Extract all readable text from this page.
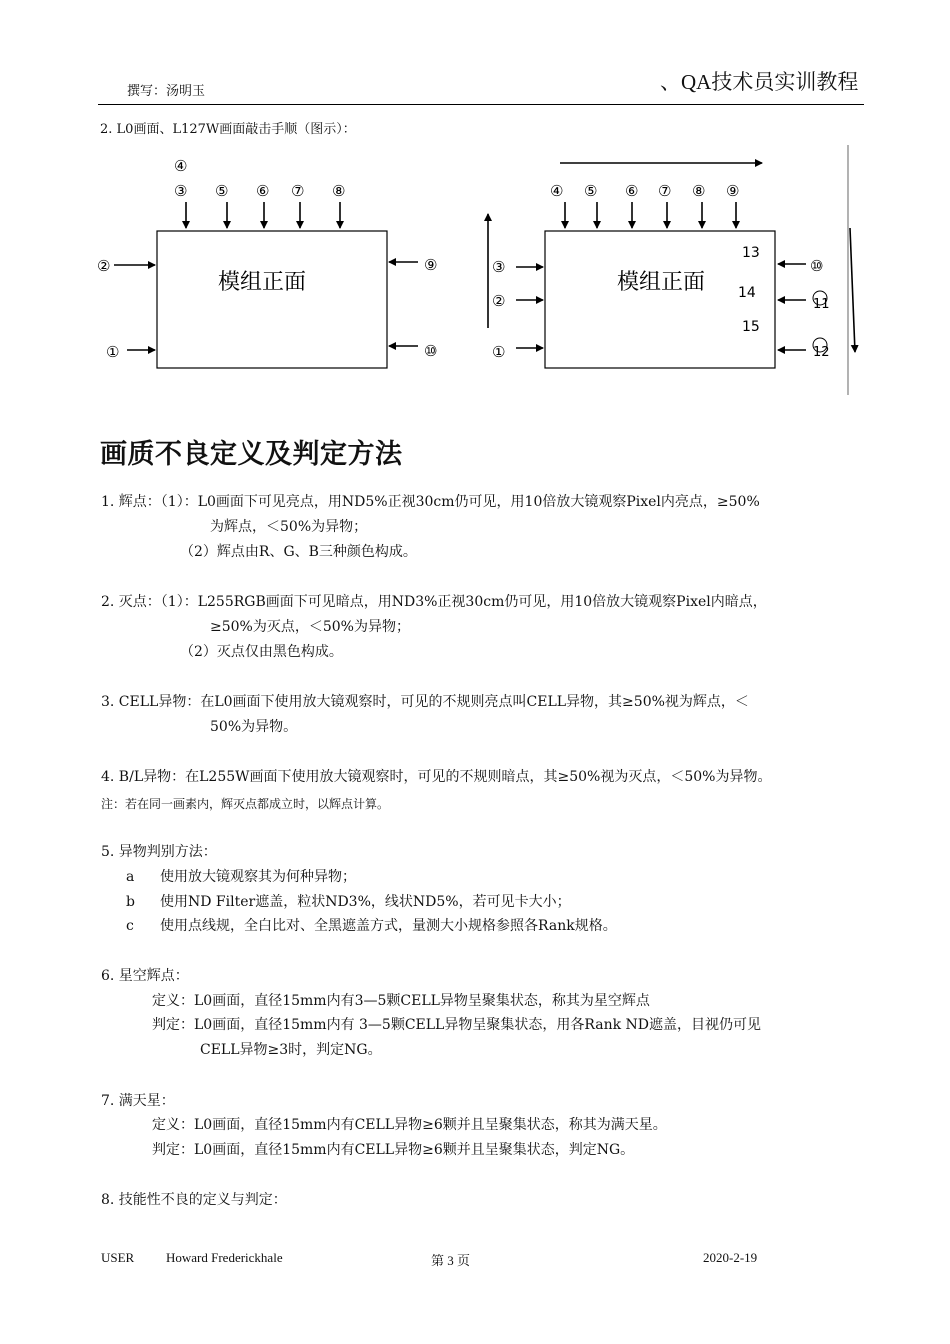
撰写：汤明玉	、QA技术员实训教程
2. L0画面、L127W画面敲击手顺（图示）：
模组正面
④
③ ⑤ ⑥ ⑦ ⑧
②
①
⑨
⑩
模组正面
④ ⑤ ⑥ ⑦ ⑧ ⑨
③
②
①
13
14
15
⑩
11
12
画质不良定义及判定方法
1. 辉点：（1）：L0画面下可见亮点，用ND5%正视30cm仍可见，用10倍放大镜观察Pixel内亮点，≥50%
为辉点，＜50%为异物；
（2）辉点由R、G、B三种颜色构成。
2. 灭点：（1）：L255RGB画面下可见暗点，用ND3%正视30cm仍可见，用10倍放大镜观察Pixel内暗点，
≥50%为灭点，＜50%为异物；
（2）灭点仅由黑色构成。
3. CELL异物：在L0画面下使用放大镜观察时，可见的不规则亮点叫CELL异物，其≥50%视为辉点，＜
50%为异物。
4. B/L异物：在L255W画面下使用放大镜观察时，可见的不规则暗点，其≥50%视为灭点，＜50%为异物。
注：若在同一画素内，辉灭点都成立时，以辉点计算。
5. 异物判别方法：
a 使用放大镜观察其为何种异物；
b 使用ND Filter遮盖，粒状ND3%，线状ND5%，若可见卡大小；
c 使用点线规，全白比对、全黑遮盖方式，量测大小规格参照各Rank规格。
6. 星空辉点：
定义：L0画面，直径15mm内有3—5颗CELL异物呈聚集状态，称其为星空辉点
判定：L0画面，直径15mm内有 3—5颗CELL异物呈聚集状态，用各Rank ND遮盖，目视仍可见
CELL异物≥3时，判定NG。
7. 满天星：
定义：L0画面，直径15mm内有CELL异物≥6颗并且呈聚集状态，称其为满天星。
判定：L0画面，直径15mm内有CELL异物≥6颗并且呈聚集状态，判定NG。
8. 技能性不良的定义与判定：
USER Howard Frederickhale	第 3 页	2020-2-19
